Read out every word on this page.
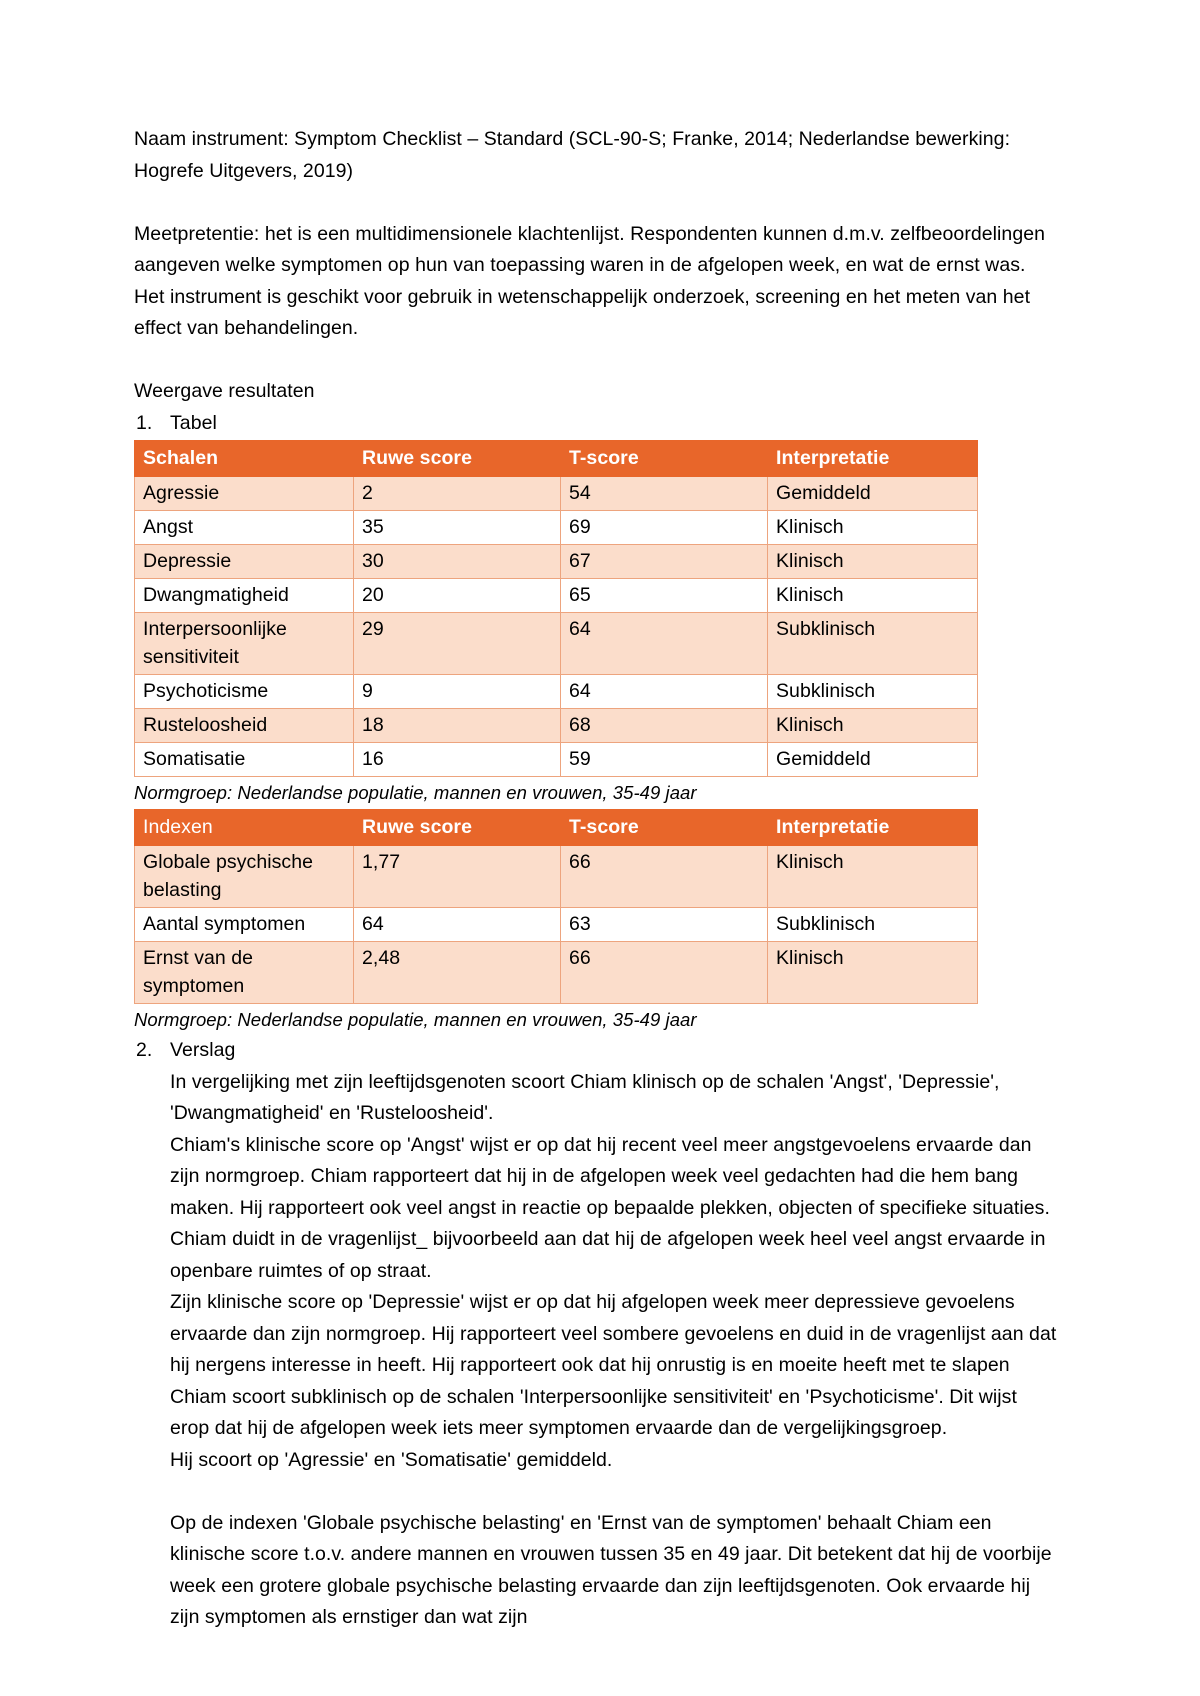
Naam instrument: Symptom Checklist – Standard (SCL-90-S; Franke, 2014; Nederlandse bewerking: Hogrefe Uitgevers, 2019)

Meetpretentie: het is een multidimensionele klachtenlijst. Respondenten kunnen d.m.v. zelfbeoordelingen aangeven welke symptomen op hun van toepassing waren in de afgelopen week, en wat de ernst was. Het instrument is geschikt voor gebruik in wetenschappelijk onderzoek, screening en het meten van het effect van behandelingen.

Weergave resultaten

1. Tabel
Schalen	Ruwe score	T-score	Interpretatie
Agressie	2	54	Gemiddeld
Angst	35	69	Klinisch
Depressie	30	67	Klinisch
Dwangmatigheid	20	65	Klinisch
Interpersoonlijke sensitiviteit	29	64	Subklinisch
Psychoticisme	9	64	Subklinisch
Rusteloosheid	18	68	Klinisch
Somatisatie	16	59	Gemiddeld

Normgroep: Nederlandse populatie, mannen en vrouwen, 35-49 jaar

Indexen	Ruwe score	T-score	Interpretatie
Globale psychische belasting	1,77	66	Klinisch
Aantal symptomen	64	63	Subklinisch
Ernst van de symptomen	2,48	66	Klinisch

Normgroep: Nederlandse populatie, mannen en vrouwen, 35-49 jaar

2. Verslag

In vergelijking met zijn leeftijdsgenoten scoort Chiam klinisch op de schalen 'Angst', 'Depressie', 'Dwangmatigheid' en 'Rusteloosheid'.

Chiam's klinische score op 'Angst' wijst er op dat hij recent veel meer angstgevoelens ervaarde dan zijn normgroep. Chiam rapporteert dat hij in de afgelopen week veel gedachten had die hem bang maken. Hij rapporteert ook veel angst in reactie op bepaalde plekken, objecten of specifieke situaties. Chiam duidt in de vragenlijst_ bijvoorbeeld aan dat hij de afgelopen week heel veel angst ervaarde in openbare ruimtes of op straat.

Zijn klinische score op 'Depressie' wijst er op dat hij afgelopen week meer depressieve gevoelens ervaarde dan zijn normgroep. Hij rapporteert veel sombere gevoelens en duid in de vragenlijst aan dat hij nergens interesse in heeft. Hij rapporteert ook dat hij onrustig is en moeite heeft met te slapen

Chiam scoort subklinisch op de schalen 'Interpersoonlijke sensitiviteit' en 'Psychoticisme'. Dit wijst erop dat hij de afgelopen week iets meer symptomen ervaarde dan de vergelijkingsgroep.

Hij scoort op 'Agressie' en 'Somatisatie' gemiddeld.

Op de indexen 'Globale psychische belasting' en 'Ernst van de symptomen' behaalt Chiam een klinische score t.o.v. andere mannen en vrouwen tussen 35 en 49 jaar. Dit betekent dat hij de voorbije week een grotere globale psychische belasting ervaarde dan zijn leeftijdsgenoten. Ook ervaarde hij zijn symptomen als ernstiger dan wat zijn
